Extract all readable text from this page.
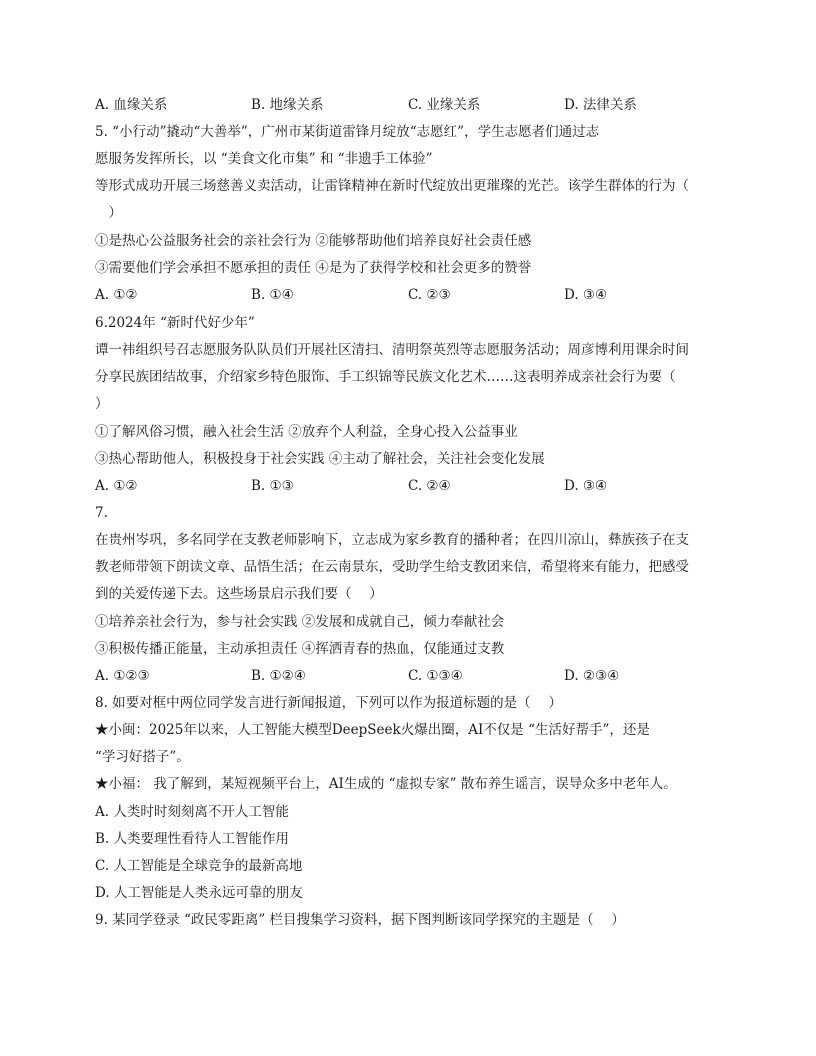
A. 血缘关系	B. 地缘关系	C. 业缘关系	D. 法律关系
5. “小行动”撬动“大善举”，广州市某街道雷锋月绽放“志愿红”，学生志愿者们通过志
愿服务发挥所长，以 “美食文化市集” 和 “非遗手工体验”
等形式成功开展三场慈善义卖活动，让雷锋精神在新时代绽放出更璀璨的光芒。该学生群体的行为（
　）
①是热心公益服务社会的亲社会行为 ②能够帮助他们培养良好社会责任感
③需要他们学会承担不愿承担的责任 ④是为了获得学校和社会更多的赞誉
A. ①②	B. ①④	C. ②③	D. ③④
6.2024年 “新时代好少年”
谭一祎组织号召志愿服务队队员们开展社区清扫、清明祭英烈等志愿服务活动；周彦博利用课余时间
分享民族团结故事，介绍家乡特色服饰、手工织锦等民族文化艺术……这表明养成亲社会行为要（
）
①了解风俗习惯，融入社会生活 ②放弃个人利益，全身心投入公益事业
③热心帮助他人，积极投身于社会实践 ④主动了解社会，关注社会变化发展
A. ①②	B. ①③	C. ②④	D. ③④
7.
在贵州岑巩，多名同学在支教老师影响下，立志成为家乡教育的播种者；在四川凉山，彝族孩子在支
教老师带领下朗读文章、品悟生活；在云南景东，受助学生给支教团来信，希望将来有能力，把感受
到的关爱传递下去。这些场景启示我们要（　 ）
①培养亲社会行为，参与社会实践 ②发展和成就自己，倾力奉献社会
③积极传播正能量，主动承担责任 ④挥洒青春的热血，仅能通过支教
A. ①②③	B. ①②④	C. ①③④	D. ②③④
8. 如要对框中两位同学发言进行新闻报道，下列可以作为报道标题的是（　 ）
★小闽：2025年以来，人工智能大模型DeepSeek火爆出圈，AI不仅是 “生活好帮手”，还是
“学习好搭子”。
★小福： 我了解到，某短视频平台上，AI生成的 “虚拟专家” 散布养生谣言，误导众多中老年人。
A. 人类时时刻刻离不开人工智能
B. 人类要理性看待人工智能作用
C. 人工智能是全球竞争的最新高地
D. 人工智能是人类永远可靠的朋友
9. 某同学登录 “政民零距离” 栏目搜集学习资料，据下图判断该同学探究的主题是（　 ）
